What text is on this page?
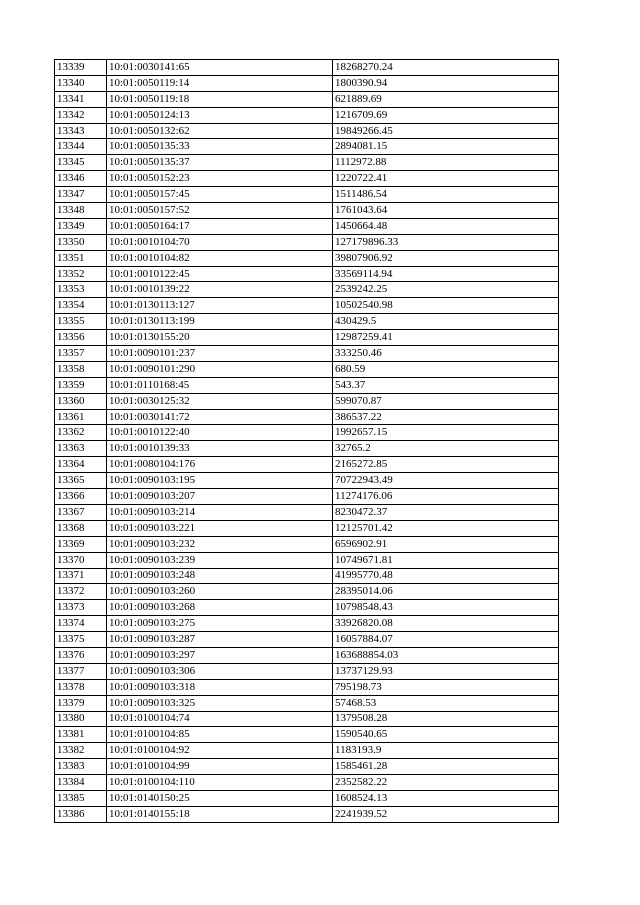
13339	10:01:0030141:65	18268270.24
13340	10:01:0050119:14	1800390.94
13341	10:01:0050119:18	621889.69
13342	10:01:0050124:13	1216709.69
13343	10:01:0050132:62	19849266.45
13344	10:01:0050135:33	2894081.15
13345	10:01:0050135:37	1112972.88
13346	10:01:0050152:23	1220722.41
13347	10:01:0050157:45	1511486.54
13348	10:01:0050157:52	1761043.64
13349	10:01:0050164:17	1450664.48
13350	10:01:0010104:70	127179896.33
13351	10:01:0010104:82	39807906.92
13352	10:01:0010122:45	33569114.94
13353	10:01:0010139:22	2539242.25
13354	10:01:0130113:127	10502540.98
13355	10:01:0130113:199	430429.5
13356	10:01:0130155:20	12987259.41
13357	10:01:0090101:237	333250.46
13358	10:01:0090101:290	680.59
13359	10:01:0110168:45	543.37
13360	10:01:0030125:32	599070.87
13361	10:01:0030141:72	386537.22
13362	10:01:0010122:40	1992657.15
13363	10:01:0010139:33	32765.2
13364	10:01:0080104:176	2165272.85
13365	10:01:0090103:195	70722943.49
13366	10:01:0090103:207	11274176.06
13367	10:01:0090103:214	8230472.37
13368	10:01:0090103:221	12125701.42
13369	10:01:0090103:232	6596902.91
13370	10:01:0090103:239	10749671.81
13371	10:01:0090103:248	41995770.48
13372	10:01:0090103:260	28395014.06
13373	10:01:0090103:268	10798548.43
13374	10:01:0090103:275	33926820.08
13375	10:01:0090103:287	16057884.07
13376	10:01:0090103:297	163688854.03
13377	10:01:0090103:306	13737129.93
13378	10:01:0090103:318	795198.73
13379	10:01:0090103:325	57468.53
13380	10:01:0100104:74	1379508.28
13381	10:01:0100104:85	1590540.65
13382	10:01:0100104:92	1183193.9
13383	10:01:0100104:99	1585461.28
13384	10:01:0100104:110	2352582.22
13385	10:01:0140150:25	1608524.13
13386	10:01:0140155:18	2241939.52
